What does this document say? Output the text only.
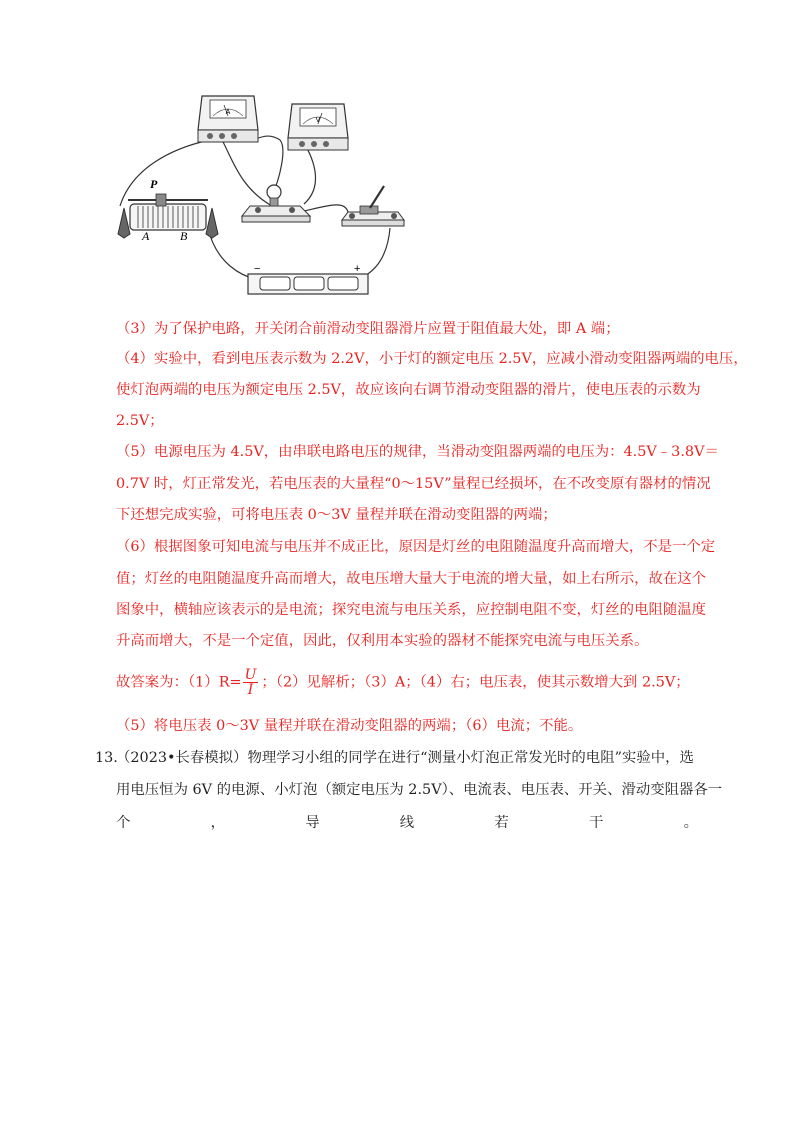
A
V
P
A	B
−	+
（3）为了保护电路，开关闭合前滑动变阻器滑片应置于阻值最大处，即 A 端；
（4）实验中，看到电压表示数为 2.2V，小于灯的额定电压 2.5V，应减小滑动变阻器两端的电压，
使灯泡两端的电压为额定电压 2.5V，故应该向右调节滑动变阻器的滑片，使电压表的示数为
2.5V；
（5）电源电压为 4.5V，由串联电路电压的规律，当滑动变阻器两端的电压为：4.5V﹣3.8V＝
0.7V 时，灯正常发光，若电压表的大量程“0～15V”量程已经损坏，在不改变原有器材的情况
下还想完成实验，可将电压表 0～3V 量程并联在滑动变阻器的两端；
（6）根据图象可知电流与电压并不成正比，原因是灯丝的电阻随温度升高而增大，不是一个定
值；灯丝的电阻随温度升高而增大，故电压增大量大于电流的增大量，如上右所示，故在这个
图象中，横轴应该表示的是电流；探究电流与电压关系，应控制电阻不变，灯丝的电阻随温度
升高而增大，不是一个定值，因此，仅利用本实验的器材不能探究电流与电压关系。
故答案为：$(1)R= \frac{U}{I}$ ；（2）见解析；（3）A；（4）右；电压表，使其示数增大到 2.5V；
（5）将电压表 0～3V 量程并联在滑动变阻器的两端；（6）电流；不能。
13.
（2023•长春模拟）物理学习小组的同学在进行“测量小灯泡正常发光时的电阻”实验中，选
用电压恒为 6V 的电源、小灯泡（额定电压为 2.5V）、电流表、电压表、开关、滑动变阻器各一
个	，	导	线	若	干	。
